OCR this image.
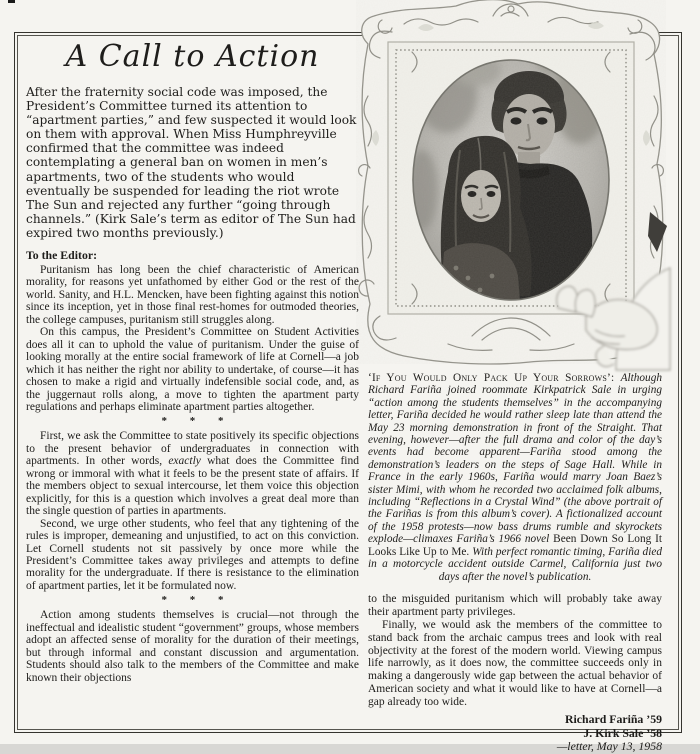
A Call to Action

After the fraternity social code was imposed, the President’s Committee turned its attention to “apartment parties,” and few suspected it would look on them with approval. When Miss Humphreyville confirmed that the committee was indeed contemplating a general ban on women in men’s apartments, two of the students who would eventually be suspended for leading the riot wrote The Sun and rejected any further “going through channels.” (Kirk Sale’s term as editor of The Sun had expired two months previously.)

To the Editor:

Puritanism has long been the chief characteristic of American morality, for reasons yet unfathomed by either God or the rest of the world. Sanity, and H.L. Mencken, have been fighting against this notion since its inception, yet in those final rest-homes for outmoded theories, the college campuses, puritanism still struggles along.

On this campus, the President’s Committee on Student Activities does all it can to uphold the value of puritanism. Under the guise of looking morally at the entire social framework of life at Cornell—a job which it has neither the right nor ability to undertake, of course—it has chosen to make a rigid and virtually indefensible social code, and, as the juggernaut rolls along, a move to tighten the apartment party regulations and perhaps eliminate apartment parties altogether.

* * *

First, we ask the Committee to state positively its specific objections to the present behavior of undergraduates in connection with apartments. In other words, exactly what does the Committee find wrong or immoral with what it feels to be the present state of affairs. If the members object to sexual intercourse, let them voice this objection explicitly, for this is a question which involves a great deal more than the single question of parties in apartments.

Second, we urge other students, who feel that any tightening of the rules is improper, demeaning and unjustified, to act on this conviction. Let Cornell students not sit passively by once more while the President’s Committee takes away privileges and attempts to define morality for the undergraduate. If there is resistance to the elimination of apartment parties, let it be formulated now.

* * *

Action among students themselves is crucial—not through the ineffectual and idealistic student “government” groups, whose members adopt an affected sense of morality for the duration of their meetings, but through informal and constant discussion and argumentation. Students should also talk to the members of the Committee and make known their objections

‘If You Would Only Pack Up Your Sorrows’: Although Richard Fariña joined roommate Kirkpatrick Sale in urging “action among the students themselves” in the accompanying letter, Fariña decided he would rather sleep late than attend the May 23 morning demonstration in front of the Straight. That evening, however—after the full drama and color of the day’s events had become apparent—Fariña stood among the demonstration’s leaders on the steps of Sage Hall. While in France in the early 1960s, Fariña would marry Joan Baez’s sister Mimi, with whom he recorded two acclaimed folk albums, including “Reflections in a Crystal Wind” (the above portrait of the Fariñas is from this album’s cover). A fictionalized account of the 1958 protests—now bass drums rumble and skyrockets explode—climaxes Fariña’s 1966 novel Been Down So Long It Looks Like Up to Me. With perfect romantic timing, Fariña died in a motorcycle accident outside Carmel, California just two days after the novel’s publication.

to the misguided puritanism which will probably take away their apartment party privileges.

Finally, we would ask the members of the committee to stand back from the archaic campus trees and look with real objectivity at the forest of the modern world. Viewing campus life narrowly, as it does now, the committee succeeds only in making a dangerously wide gap between the actual behavior of American society and what it would like to have at Cornell—a gap already too wide.

Richard Fariña ’59
J. Kirk Sale ’58
—letter, May 13, 1958
